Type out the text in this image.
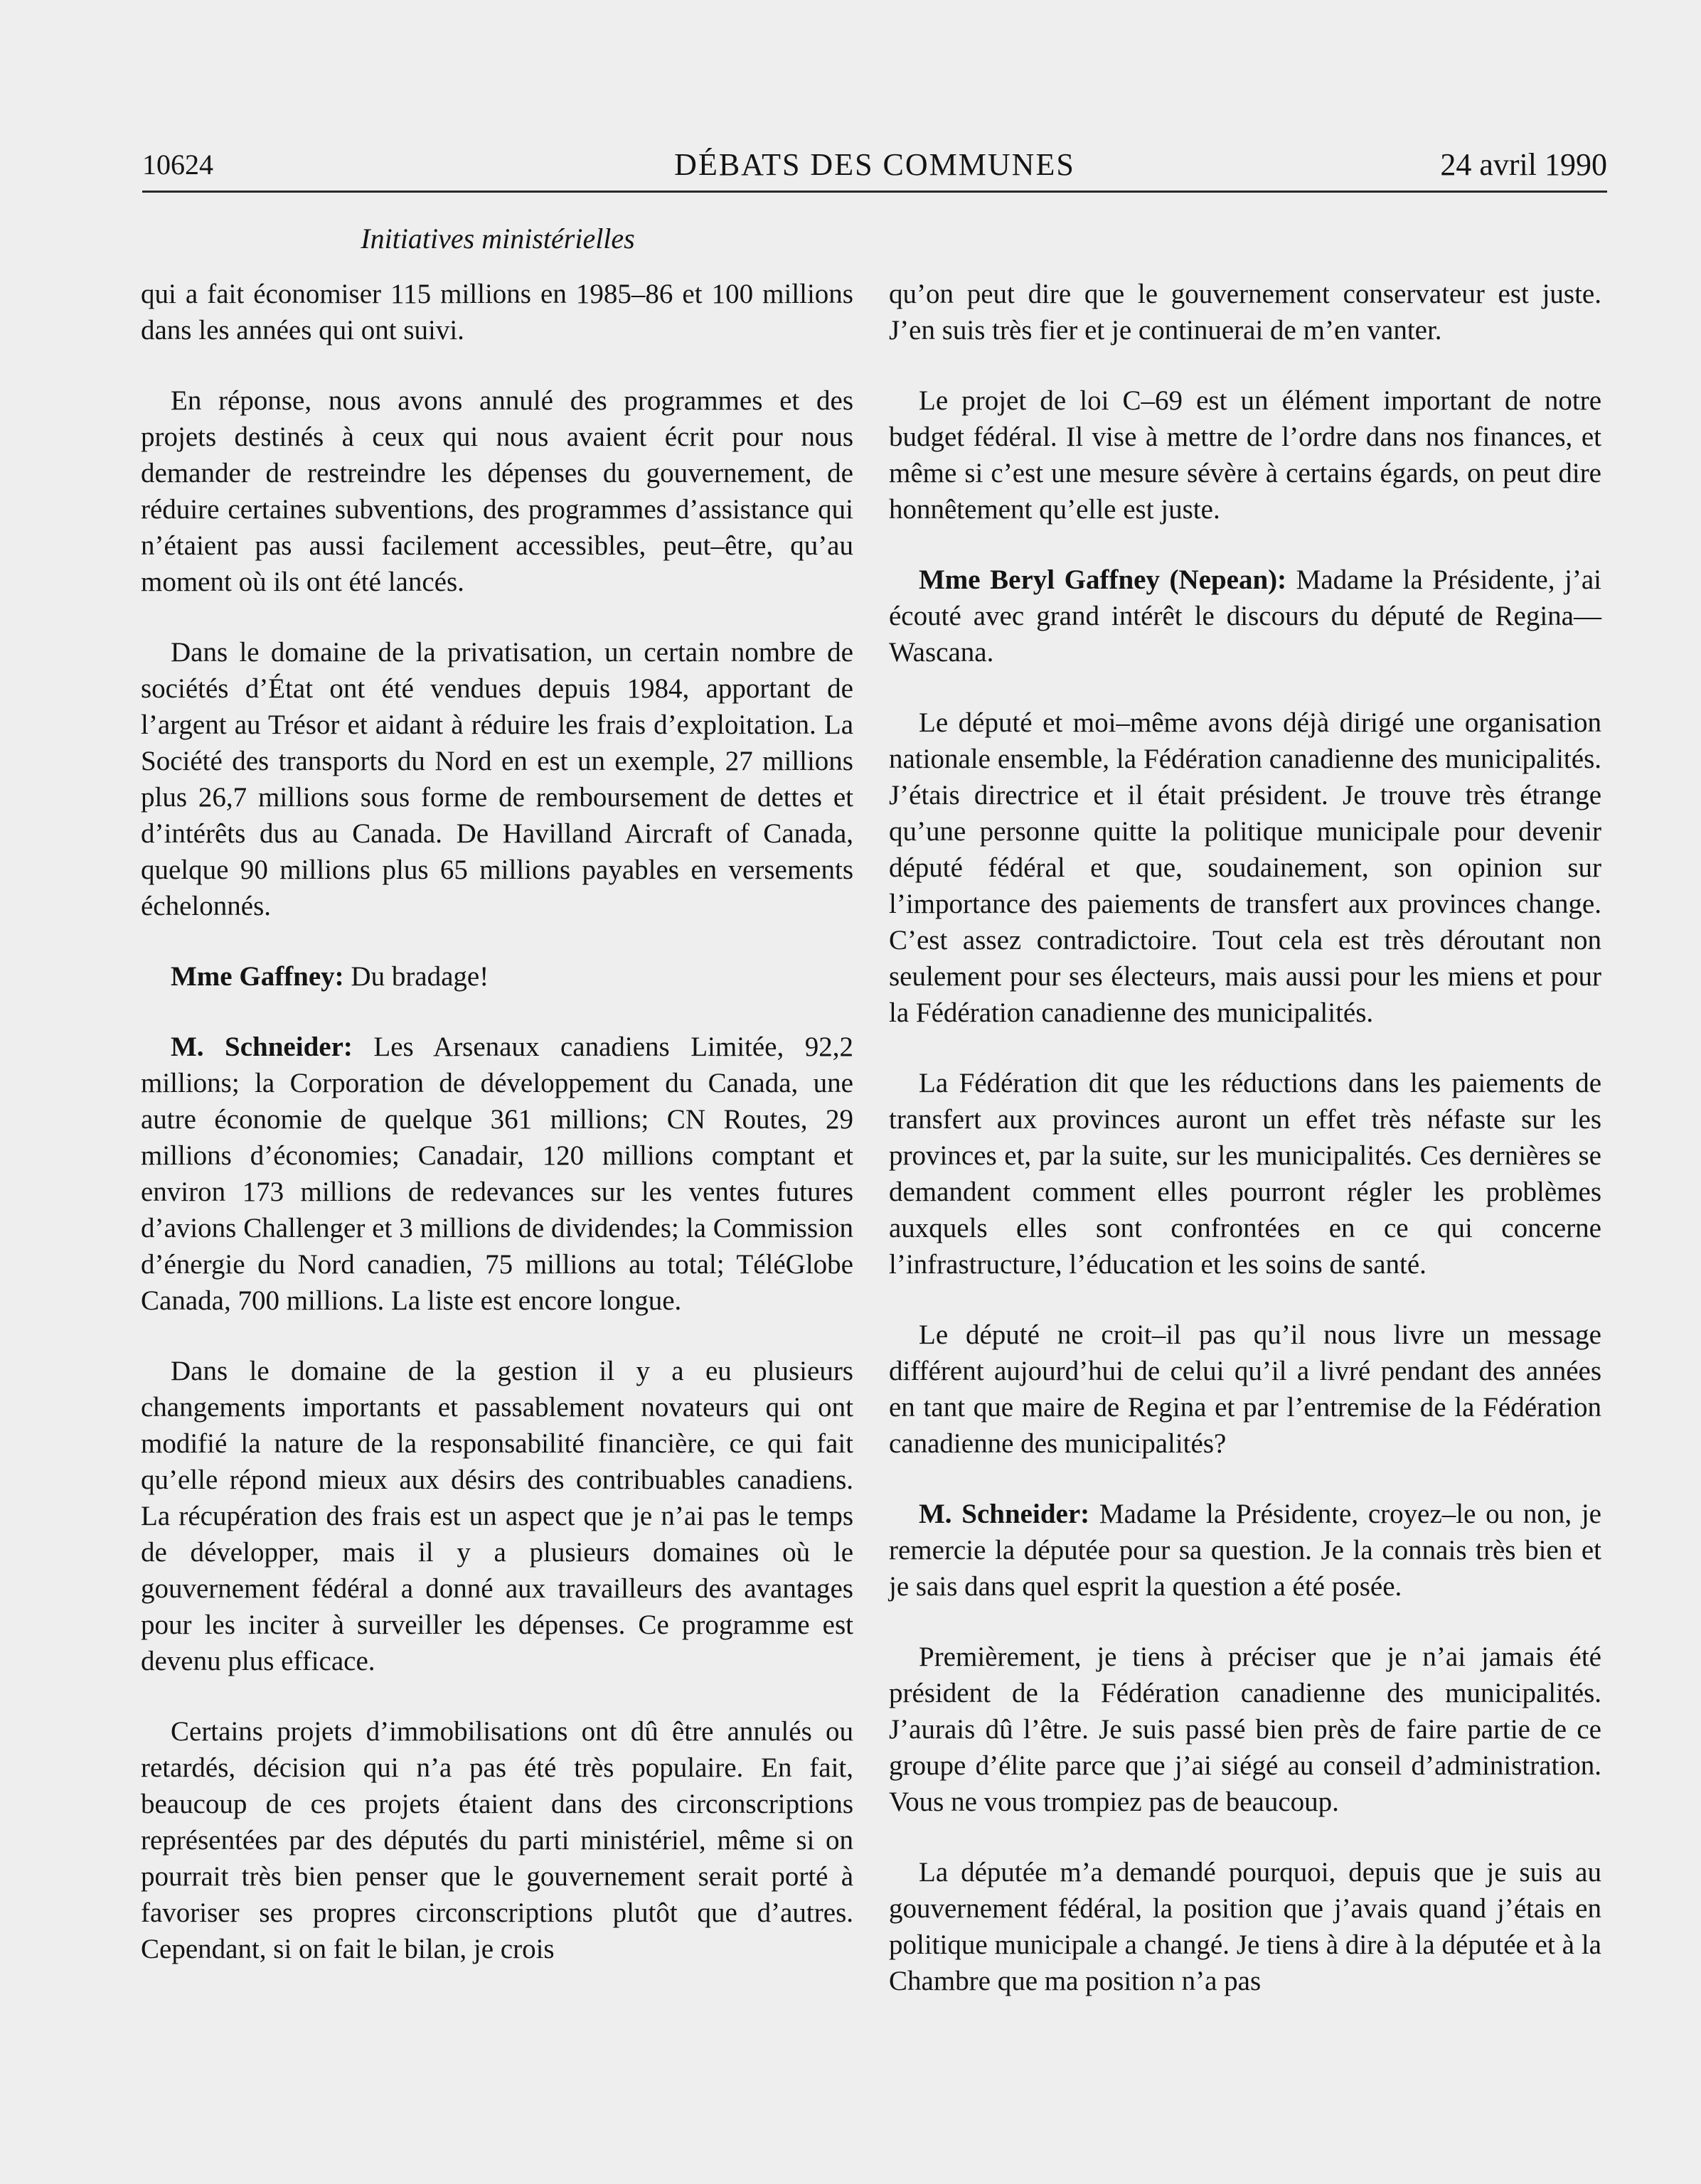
10624	DÉBATS DES COMMUNES	24 avril 1990
Initiatives ministérielles

qui a fait économiser 115 millions en 1985–86 et 100 millions dans les années qui ont suivi.

En réponse, nous avons annulé des programmes et des projets destinés à ceux qui nous avaient écrit pour nous demander de restreindre les dépenses du gouvernement, de réduire certaines subventions, des programmes d’assistance qui n’étaient pas aussi facilement accessibles, peut–être, qu’au moment où ils ont été lancés.

Dans le domaine de la privatisation, un certain nombre de sociétés d’État ont été vendues depuis 1984, apportant de l’argent au Trésor et aidant à réduire les frais d’exploitation. La Société des transports du Nord en est un exemple, 27 millions plus 26,7 millions sous forme de remboursement de dettes et d’intérêts dus au Canada. De Havilland Aircraft of Canada, quelque 90 millions plus 65 millions payables en versements échelonnés.

Mme Gaffney: Du bradage!

M. Schneider: Les Arsenaux canadiens Limitée, 92,2 millions; la Corporation de développement du Canada, une autre économie de quelque 361 millions; CN Routes, 29 millions d’économies; Canadair, 120 millions comptant et environ 173 millions de redevances sur les ventes futures d’avions Challenger et 3 millions de dividendes; la Commission d’énergie du Nord canadien, 75 millions au total; TéléGlobe Canada, 700 millions. La liste est encore longue.

Dans le domaine de la gestion il y a eu plusieurs changements importants et passablement novateurs qui ont modifié la nature de la responsabilité financière, ce qui fait qu’elle répond mieux aux désirs des contribuables canadiens. La récupération des frais est un aspect que je n’ai pas le temps de développer, mais il y a plusieurs domaines où le gouvernement fédéral a donné aux travailleurs des avantages pour les inciter à surveiller les dépenses. Ce programme est devenu plus efficace.

Certains projets d’immobilisations ont dû être annulés ou retardés, décision qui n’a pas été très populaire. En fait, beaucoup de ces projets étaient dans des circonscriptions représentées par des députés du parti ministériel, même si on pourrait très bien penser que le gouvernement serait porté à favoriser ses propres circonscriptions plutôt que d’autres. Cependant, si on fait le bilan, je crois

qu’on peut dire que le gouvernement conservateur est juste. J’en suis très fier et je continuerai de m’en vanter.

Le projet de loi C–69 est un élément important de notre budget fédéral. Il vise à mettre de l’ordre dans nos finances, et même si c’est une mesure sévère à certains égards, on peut dire honnêtement qu’elle est juste.

Mme Beryl Gaffney (Nepean): Madame la Présidente, j’ai écouté avec grand intérêt le discours du député de Regina—Wascana.

Le député et moi–même avons déjà dirigé une organisation nationale ensemble, la Fédération canadienne des municipalités. J’étais directrice et il était président. Je trouve très étrange qu’une personne quitte la politique municipale pour devenir député fédéral et que, soudainement, son opinion sur l’importance des paiements de transfert aux provinces change. C’est assez contradictoire. Tout cela est très déroutant non seulement pour ses électeurs, mais aussi pour les miens et pour la Fédération canadienne des municipalités.

La Fédération dit que les réductions dans les paiements de transfert aux provinces auront un effet très néfaste sur les provinces et, par la suite, sur les municipalités. Ces dernières se demandent comment elles pourront régler les problèmes auxquels elles sont confrontées en ce qui concerne l’infrastructure, l’éducation et les soins de santé.

Le député ne croit–il pas qu’il nous livre un message différent aujourd’hui de celui qu’il a livré pendant des années en tant que maire de Regina et par l’entremise de la Fédération canadienne des municipalités?

M. Schneider: Madame la Présidente, croyez–le ou non, je remercie la députée pour sa question. Je la connais très bien et je sais dans quel esprit la question a été posée.

Premièrement, je tiens à préciser que je n’ai jamais été président de la Fédération canadienne des municipalités. J’aurais dû l’être. Je suis passé bien près de faire partie de ce groupe d’élite parce que j’ai siégé au conseil d’administration. Vous ne vous trompiez pas de beaucoup.

La députée m’a demandé pourquoi, depuis que je suis au gouvernement fédéral, la position que j’avais quand j’étais en politique municipale a changé. Je tiens à dire à la députée et à la Chambre que ma position n’a pas
